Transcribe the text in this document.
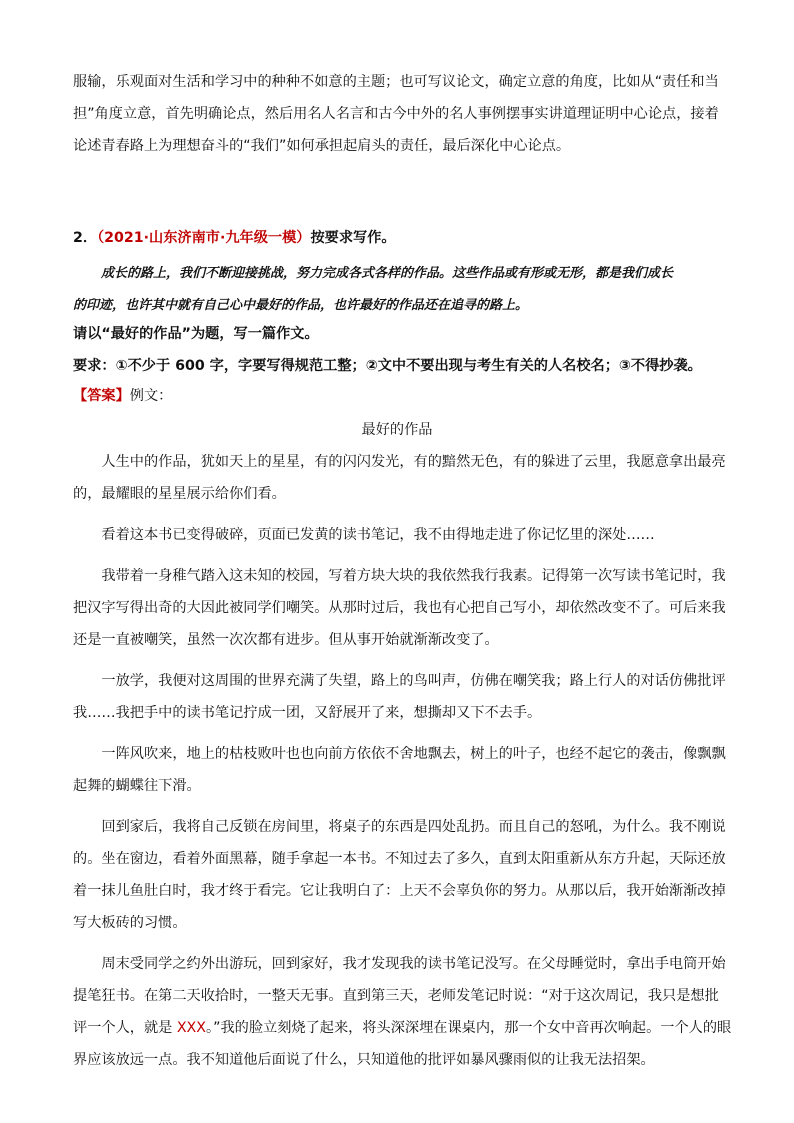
服输，乐观面对生活和学习中的种种不如意的主题；也可写议论文，确定立意的角度，比如从“责任和当

担”角度立意，首先明确论点，然后用名人名言和古今中外的名人事例摆事实讲道理证明中心论点，接着

论述青春路上为理想奋斗的“我们”如何承担起肩头的责任，最后深化中心论点。

2．（2021·山东济南市·九年级一模）按要求写作。

成长的路上，我们不断迎接挑战，努力完成各式各样的作品。这些作品或有形或无形，都是我们成长

的印迹，也许其中就有自己心中最好的作品，也许最好的作品还在追寻的路上。

请以“最好的作品”为题，写一篇作文。
要求：①不少于 600 字，字要写得规范工整；②文中不要出现与考生有关的人名校名；③不得抄袭。
【答案】例文：
最好的作品
　　人生中的作品，犹如天上的星星，有的闪闪发光，有的黯然无色，有的躲进了云里，我愿意拿出最亮
的，最耀眼的星星展示给你们看。
　　看着这本书已变得破碎，页面已发黄的读书笔记，我不由得地走进了你记忆里的深处……
　　我带着一身稚气踏入这未知的校园，写着方块大块的我依然我行我素。记得第一次写读书笔记时，我
把汉字写得出奇的大因此被同学们嘲笑。从那时过后，我也有心把自己写小，却依然改变不了。可后来我
还是一直被嘲笑，虽然一次次都有进步。但从事开始就渐渐改变了。
　　一放学，我便对这周围的世界充满了失望，路上的鸟叫声，仿佛在嘲笑我；路上行人的对话仿佛批评
我……我把手中的读书笔记拧成一团，又舒展开了来，想撕却又下不去手。
　　一阵风吹来，地上的枯枝败叶也也向前方依依不舍地飘去，树上的叶子，也经不起它的袭击，像飘飘
起舞的蝴蝶往下滑。
　　回到家后，我将自己反锁在房间里，将桌子的东西是四处乱扔。而且自己的怒吼，为什么。我不刚说
的。坐在窗边，看着外面黑幕，随手拿起一本书。不知过去了多久，直到太阳重新从东方升起，天际还放
着一抹儿鱼肚白时，我才终于看完。它让我明白了：上天不会辜负你的努力。从那以后，我开始渐渐改掉
写大板砖的习惯。
　　周末受同学之约外出游玩，回到家好，我才发现我的读书笔记没写。在父母睡觉时，拿出手电筒开始
提笔狂书。在第二天收拾时，一整天无事。直到第三天，老师发笔记时说：“对于这次周记，我只是想批
评一个人，就是 XXX。”我的脸立刻烧了起来，将头深深埋在课桌内，那一个女中音再次响起。一个人的眼
界应该放远一点。我不知道他后面说了什么，只知道他的批评如暴风骤雨似的让我无法招架。
